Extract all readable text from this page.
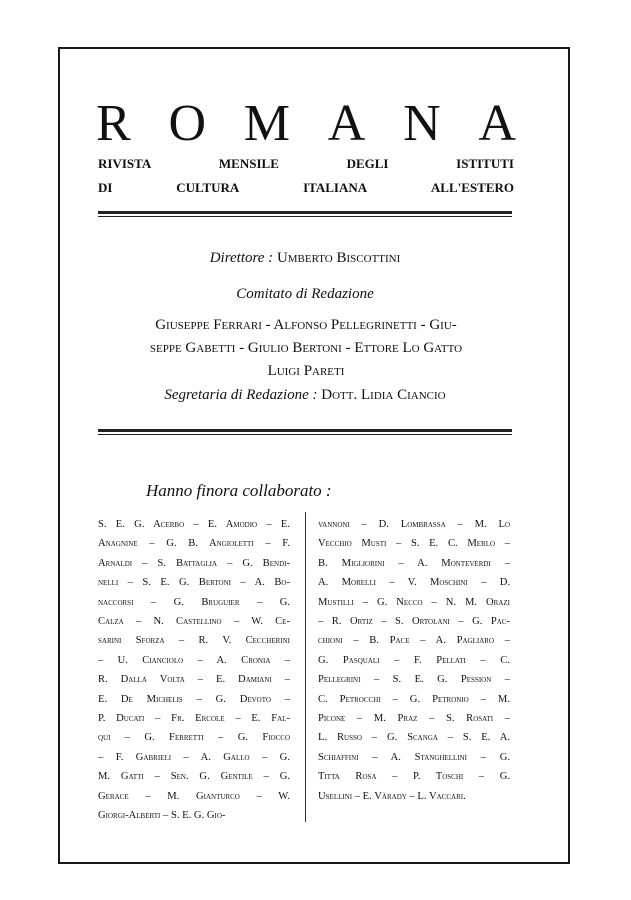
R O M A N A
RIVISTA	MENSILE	DEGLI	ISTITUTI
DI	CULTURA	ITALIANA	ALL'ESTERO
Direttore : Umberto Biscottini
Comitato di Redazione
Giuseppe Ferrari - Alfonso Pellegrinetti - Giu-
seppe Gabetti - Giulio Bertoni - Ettore Lo Gatto
Luigi Pareti
Segretaria di Redazione : Dott. Lidia Ciancio
Hanno finora collaborato :
S. E. G. Acerbo – E. Amodio – E.
Anagnine – G. B. Angioletti – F.
Arnaldi – S. Battaglia – G. Bendi-
nelli – S. E. G. Bertoni – A. Bo-
naccorsi – G. Bruguier – G.
Calza – N. Castellino – W. Ce-
sarini Sforza – R. V. Ceccherini
– U. Cianciolo – A. Cronia –
R. Dalla Volta – E. Damiani –
E. De Michelis – G. Devoto –
P. Ducati – Fr. Ercole – E. Fal-
qui – G. Ferretti – G. Fiocco
– F. Gabrieli – A. Gallo – G.
M. Gatti – Sen. G. Gentile – G.
Gerace – M. Gianturco – W.
Giorgi-Alberti – S. E. G. Gio-
vannoni – D. Lombrassa – M. Lo
Vecchio Musti – S. E. C. Merlo –
B. Migliorini – A. Monteverdi –
A. Morelli – V. Moschini – D.
Mustilli – G. Necco – N. M. Orazi
– R. Ortiz – S. Ortolani – G. Pac-
chioni – B. Pace – A. Pagliaro –
G. Pasquali – F. Pellati – C.
Pellegrini – S. E. G. Pession –
C. Petrocchi – G. Petronio – M.
Picone – M. Praz – S. Rosati –
L. Russo – G. Scanga – S. E. A.
Schiaffini – A. Stanghellini – G.
Titta Rosa – P. Toschi – G.
Usellini – E. Vàrady – L. Vaccari.
